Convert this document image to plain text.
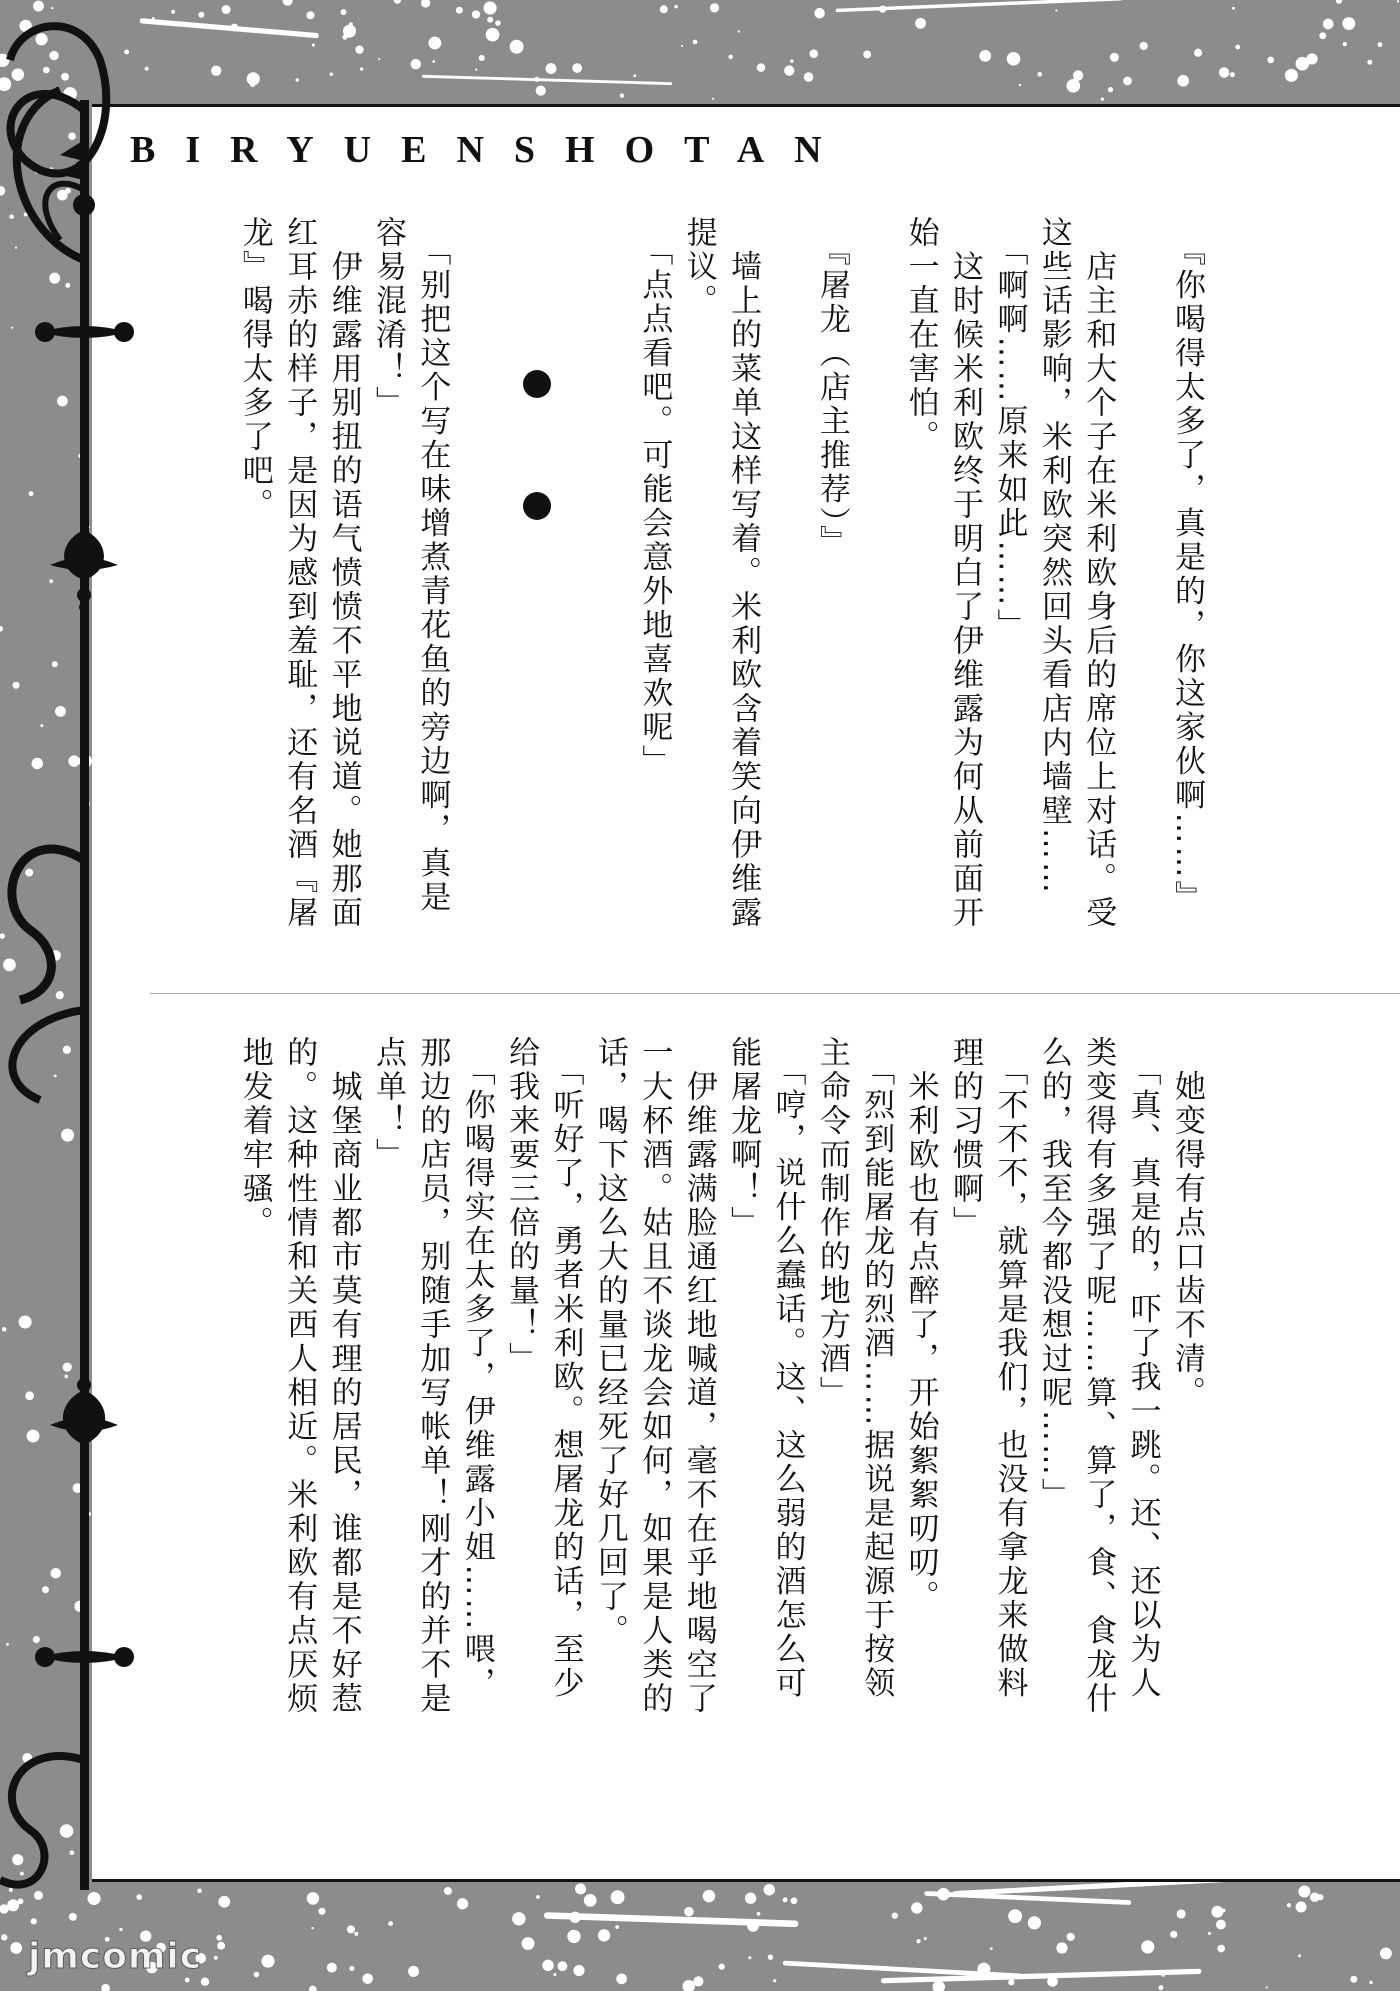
BIRYUENSHOTAN
　『你喝得太多了，真是的，你这家伙啊……』
　店主和大个子在米利欧身后的席位上对话。受
这些话影响，米利欧突然回头看店内墙壁……
　「啊啊……原来如此……」
　这时候米利欧终于明白了伊维露为何从前面开
始一直在害怕。
　『屠龙（店主推荐）』
　墙上的菜单这样写着。米利欧含着笑向伊维露
提议。
　「点点看吧。可能会意外地喜欢呢」
　「别把这个写在味增煮青花鱼的旁边啊，真是
容易混淆！」
　伊维露用别扭的语气愤愤不平地说道。她那面
红耳赤的样子，是因为感到羞耻，还有名酒『屠
龙』喝得太多了吧。
　她变得有点口齿不清。
　「真、真是的，吓了我一跳。还、还以为人
类变得有多强了呢……算、算了，食、食龙什
么的，我至今都没想过呢……」
　「不不不，就算是我们，也没有拿龙来做料
理的习惯啊」
　米利欧也有点醉了，开始絮絮叨叨。
　「烈到能屠龙的烈酒……据说是起源于按领
主命令而制作的地方酒」
　「哼，说什么蠢话。这、这么弱的酒怎么可
能屠龙啊！」
　伊维露满脸通红地喊道，毫不在乎地喝空了
一大杯酒。姑且不谈龙会如何，如果是人类的
话，喝下这么大的量已经死了好几回了。
　「听好了，勇者米利欧。想屠龙的话，至少
给我来要三倍的量！」
　「你喝得实在太多了，伊维露小姐……喂，
那边的店员，别随手加写帐单！刚才的并不是
点单！」
　城堡商业都市莫有理的居民，谁都是不好惹
的。这种性情和关西人相近。米利欧有点厌烦
地发着牢骚。
jmcomic
